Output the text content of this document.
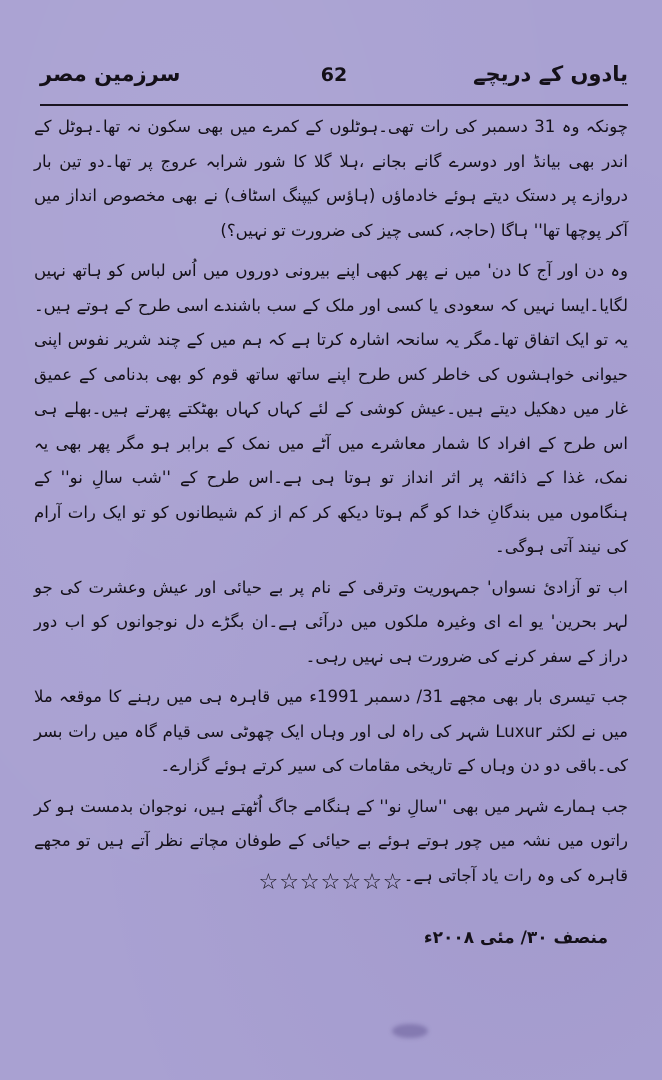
سرزمین مصر	62	یادوں کے دریچے

چونکہ وہ 31 دسمبر کی رات تھی۔ہوٹلوں کے کمرے میں بھی سکون نہ تھا۔ہوٹل کے اندر بھی بیانڈ اور دوسرے گانے بجانے ،ہلا گلا کا شور شرابہ عروج پر تھا۔دو تین بار دروازے پر دستک دیتے ہوئے خادماؤں (ہاؤس کیپنگ اسٹاف) نے بھی مخصوص انداز میں آکر پوچھا تھا'' ہاگا (حاجہ، کسی چیز کی ضرورت تو نہیں؟)

وہ دن اور آج کا دن' میں نے پھر کبھی اپنے بیرونی دوروں میں اُس لباس کو ہاتھ نہیں لگایا۔ایسا نہیں کہ سعودی یا کسی اور ملک کے سب باشندے اسی طرح کے ہوتے ہیں۔یہ تو ایک اتفاق تھا۔مگر یہ سانحہ اشارہ کرتا ہے کہ ہم میں کے چند شریر نفوس اپنی حیوانی خواہشوں کی خاطر کس طرح اپنے ساتھ ساتھ قوم کو بھی بدنامی کے عمیق غار میں دھکیل دیتے ہیں۔عیش کوشی کے لئے کہاں کہاں بھٹکتے پھرتے ہیں۔بھلے ہی اس طرح کے افراد کا شمار معاشرے میں آٹے میں نمک کے برابر ہو مگر پھر بھی یہ نمک، غذا کے ذائقہ پر اثر انداز تو ہوتا ہی ہے۔اس طرح کے ''شب سالِ نو'' کے ہنگاموں میں بندگانِ خدا کو گم ہوتا دیکھ کر کم از کم شیطانوں کو تو ایک رات آرام کی نیند آتی ہوگی۔

اب تو آزادئ نسواں' جمہوریت وترقی کے نام پر بے حیائی اور عیش وعشرت کی جو لہر بحرین' یو اے ای وغیرہ ملکوں میں درآئی ہے۔ان بگڑے دل نوجوانوں کو اب دور دراز کے سفر کرنے کی ضرورت ہی نہیں رہی۔

جب تیسری بار بھی مجھے 31/ دسمبر 1991ء میں قاہرہ ہی میں رہنے کا موقعہ ملا میں نے لکثر Luxur شہر کی راہ لی اور وہاں ایک چھوٹی سی قیام گاہ میں رات بسر کی۔باقی دو دن وہاں کے تاریخی مقامات کی سیر کرتے ہوئے گزارے۔

جب ہمارے شہر میں بھی ''سالِ نو'' کے ہنگامے جاگ اُٹھتے ہیں، نوجوان بدمست ہو کر راتوں میں نشہ میں چور ہوتے ہوئے بے حیائی کے طوفان مچاتے نظر آتے ہیں تو مجھے قاہرہ کی وہ رات یاد آجاتی ہے۔

☆☆☆☆☆☆☆
منصف ۳۰/ مئی ۲۰۰۸ء
